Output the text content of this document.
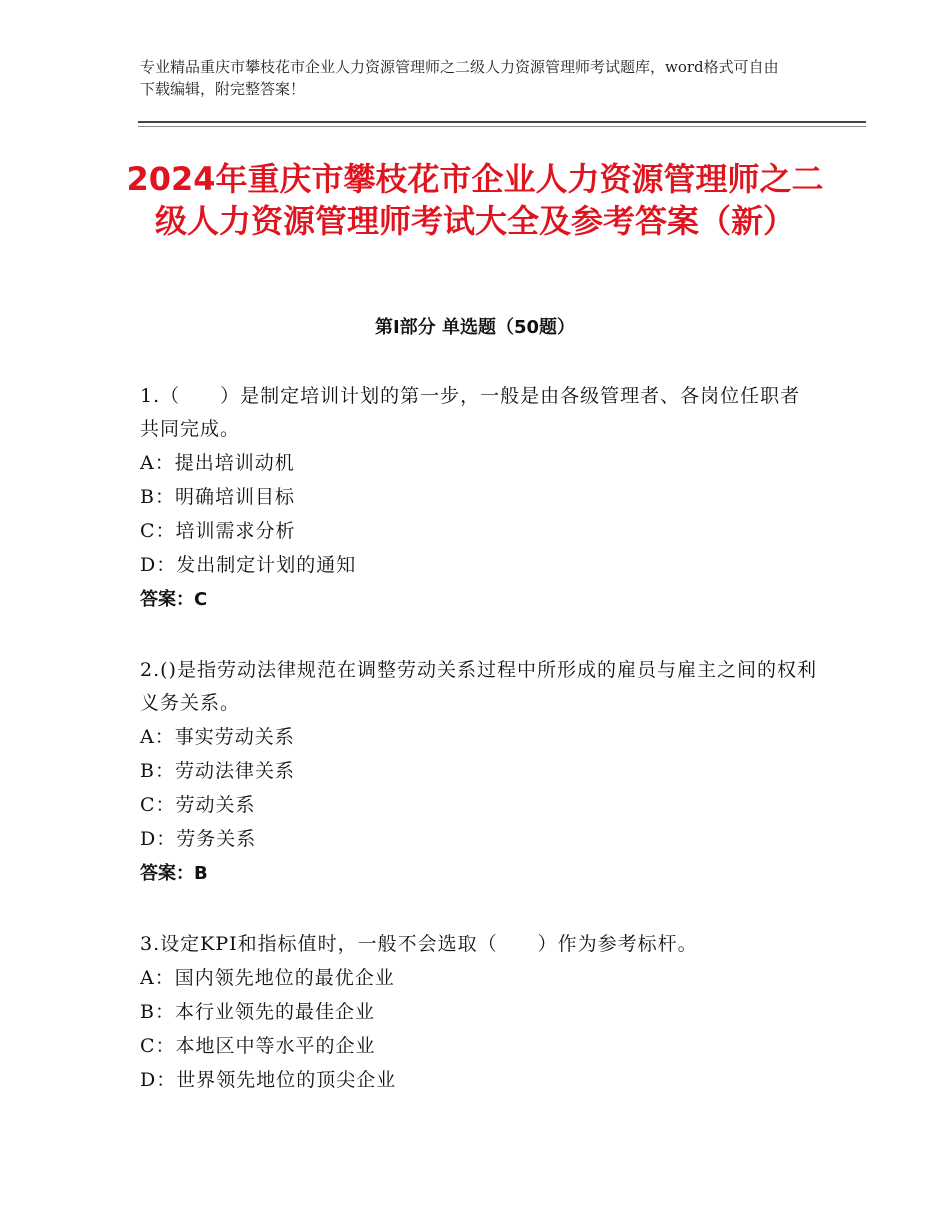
专业精品重庆市攀枝花市企业人力资源管理师之二级人力资源管理师考试题库，word格式可自由下载编辑，附完整答案！
2024年重庆市攀枝花市企业人力资源管理师之二级人力资源管理师考试大全及参考答案（新）
第Ⅰ部分 单选题（50题）
1.（　　）是制定培训计划的第一步，一般是由各级管理者、各岗位任职者共同完成。
A：提出培训动机
B：明确培训目标
C：培训需求分析
D：发出制定计划的通知
答案：C
2.()是指劳动法律规范在调整劳动关系过程中所形成的雇员与雇主之间的权利义务关系。
A：事实劳动关系
B：劳动法律关系
C：劳动关系
D：劳务关系
答案：B
3.设定KPI和指标值时，一般不会选取（　　）作为参考标杆。
A：国内领先地位的最优企业
B：本行业领先的最佳企业
C：本地区中等水平的企业
D：世界领先地位的顶尖企业
